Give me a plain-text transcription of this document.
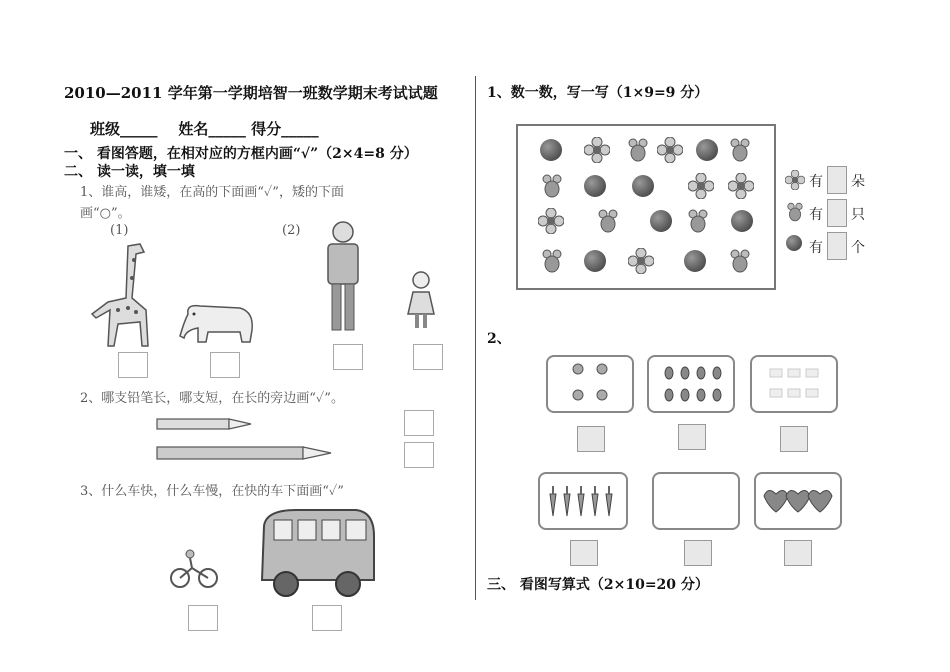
2010—2011 学年第一学期培智一班数学期末考试试题
班级_____    姓名_____ 得分_____
一、 看图答题，在相对应的方框内画“√”（2×4=8 分）
二、 读一读，填一填
1、谁高，谁矮，在高的下面画“✓”，矮的下面
画“○”。
(1)	(2)
2、哪支铅笔长，哪支短，在长的旁边画“✓”。
3、什么车快，什么车慢，在快的车下面画“✓”
1、数一数，写一写（1×9=9 分）
有 朵
有 只
有 个
2、
三、 看图写算式（2×10=20 分）
